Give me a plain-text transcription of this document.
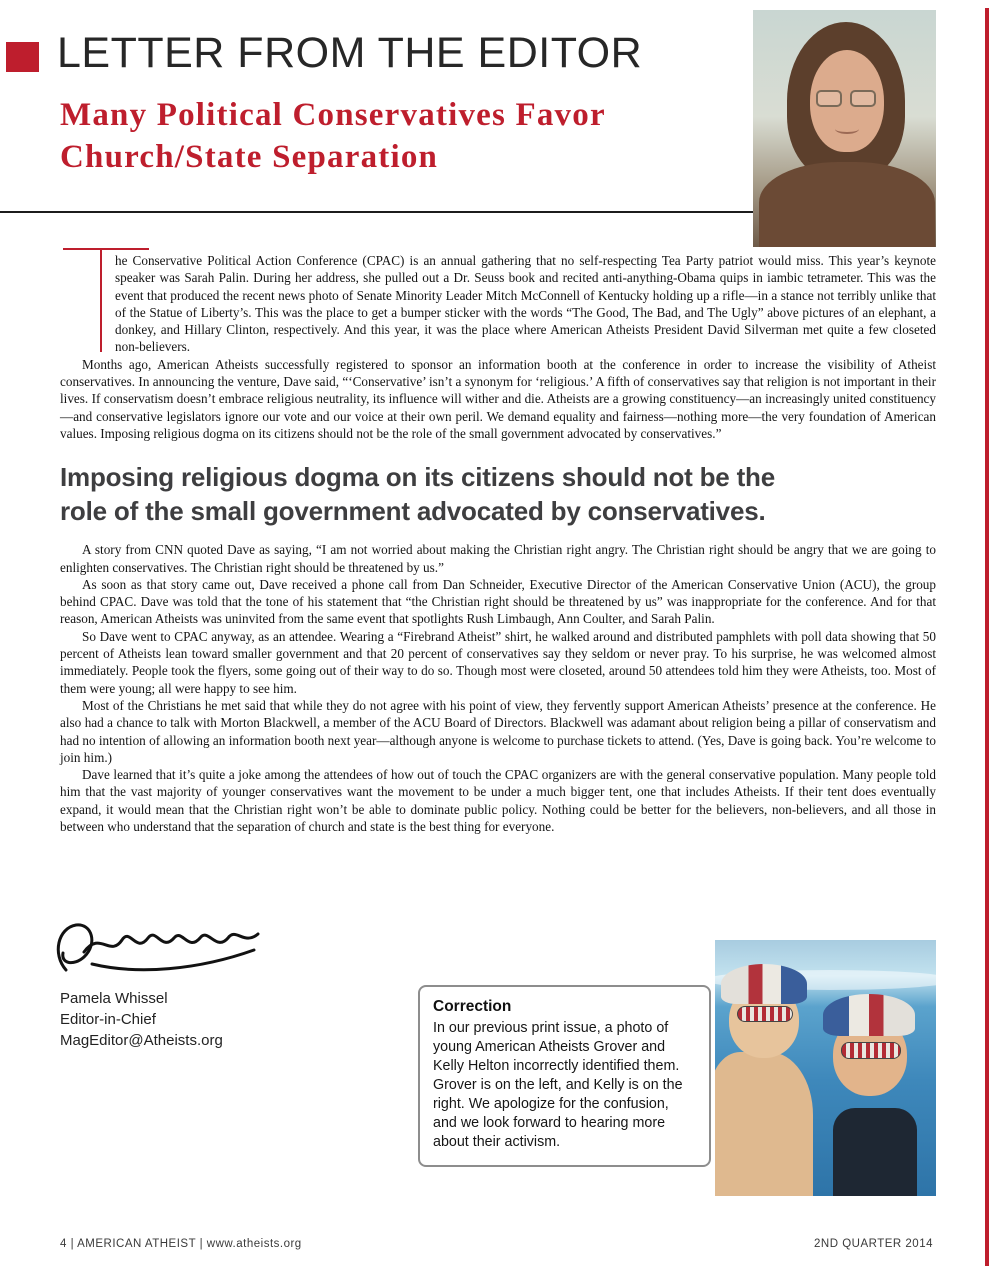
LETTER FROM THE EDITOR
Many Political Conservatives Favor
Church/State Separation

he Conservative Political Action Conference (CPAC) is an annual gathering that no self-respecting Tea Party patriot would miss. This year’s keynote speaker was Sarah Palin. During her address, she pulled out a Dr. Seuss book and recited anti-anything-Obama quips in iambic tetrameter. This was the event that produced the recent news photo of Senate Minority Leader Mitch McConnell of Kentucky holding up a rifle—in a stance not terribly unlike that of the Statue of Liberty’s. This was the place to get a bumper sticker with the words “The Good, The Bad, and The Ugly” above pictures of an elephant, a donkey, and Hillary Clinton, respectively. And this year, it was the place where American Atheists President David Silverman met quite a few closeted non-believers.

Months ago, American Atheists successfully registered to sponsor an information booth at the conference in order to increase the visibility of Atheist conservatives. In announcing the venture, Dave said, “‘Conservative’ isn’t a synonym for ‘religious.’ A fifth of conservatives say that religion is not important in their lives. If conservatism doesn’t embrace religious neutrality, its influence will wither and die. Atheists are a growing constituency—an increasingly united constituency—and conservative legislators ignore our vote and our voice at their own peril. We demand equality and fairness—nothing more—the very foundation of American values. Imposing religious dogma on its citizens should not be the role of the small government advocated by conservatives.”

Imposing religious dogma on its citizens should not be the
role of the small government advocated by conservatives.

A story from CNN quoted Dave as saying, “I am not worried about making the Christian right angry. The Christian right should be angry that we are going to enlighten conservatives. The Christian right should be threatened by us.”

As soon as that story came out, Dave received a phone call from Dan Schneider, Executive Director of the American Conservative Union (ACU), the group behind CPAC. Dave was told that the tone of his statement that “the Christian right should be threatened by us” was inappropriate for the conference. And for that reason, American Atheists was uninvited from the same event that spotlights Rush Limbaugh, Ann Coulter, and Sarah Palin.

So Dave went to CPAC anyway, as an attendee. Wearing a “Firebrand Atheist” shirt, he walked around and distributed pamphlets with poll data showing that 50 percent of Atheists lean toward smaller government and that 20 percent of conservatives say they seldom or never pray. To his surprise, he was welcomed almost immediately. People took the flyers, some going out of their way to do so. Though most were closeted, around 50 attendees told him they were Atheists, too. Most of them were young; all were happy to see him.

Most of the Christians he met said that while they do not agree with his point of view, they fervently support American Atheists’ presence at the conference. He also had a chance to talk with Morton Blackwell, a member of the ACU Board of Directors. Blackwell was adamant about religion being a pillar of conservatism and had no intention of allowing an information booth next year—although anyone is welcome to purchase tickets to attend. (Yes, Dave is going back. You’re welcome to join him.)

Dave learned that it’s quite a joke among the attendees of how out of touch the CPAC organizers are with the general conservative population. Many people told him that the vast majority of younger conservatives want the movement to be under a much bigger tent, one that includes Atheists. If their tent does eventually expand, it would mean that the Christian right won’t be able to dominate public policy. Nothing could be better for the believers, non-believers, and all those in between who understand that the separation of church and state is the best thing for everyone.

Pamela Whissel
Editor-in-Chief
MagEditor@Atheists.org
Correction
In our previous print issue, a photo of young American Atheists Grover and Kelly Helton incorrectly identified them. Grover is on the left, and Kelly is on the right. We apologize for the confusion, and we look forward to hearing more about their activism.
4 | AMERICAN ATHEIST | www.atheists.org	2ND QUARTER 2014
